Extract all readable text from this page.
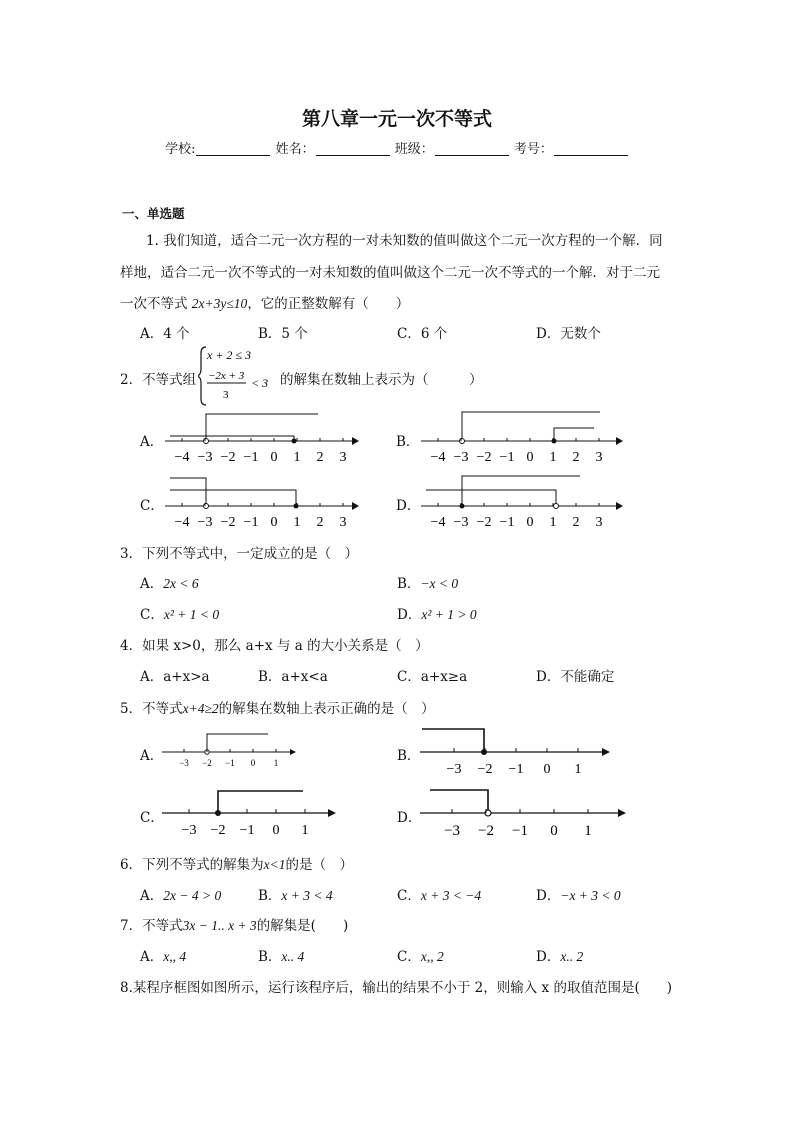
第八章一元一次不等式
学校:	姓名：	班级：	考号：
一、单选题
1. 我们知道，适合二元一次方程的一对未知数的值叫做这个二元一次方程的一个解．同
样地，适合二元一次不等式的一对未知数的值叫做这个二元一次不等式的一个解．对于二元
一次不等式 2x+3y≤10，它的正整数解有（　　）
A．4 个	B．5 个	C．6 个	D．无数个
2．不等式组
x + 2 ≤ 3
−2x + 3
3
< 3 的解集在数轴上表示为（　　　）
A．
−4 −3 −2 −1 0 1 2 3
B．
−4 −3 −2 −1 0 1 2 3
C．
−4 −3 −2 −1 0 1 2 3
D．
−4 −3 −2 −1 0 1 2 3
3．下列不等式中，一定成立的是（　）
A．2x < 6	B．−x < 0
C．x² + 1 < 0	D．x² + 1 > 0
4．如果 x>0，那么 a+x 与 a 的大小关系是（　）
A．a+x>a	B．a+x<a	C．a+x≥a	D．不能确定
5．不等式x+4≥2的解集在数轴上表示正确的是（　）
A． −3 −2 −1 0 1	B．
−3 −2 −1 0 1
C．
−3 −2 −1 0 1
D．
−3 −2 −1 0 1
6．下列不等式的解集为x<1的是（　）
A．2x − 4 > 0	B．x + 3 < 4	C．x + 3 < −4	D．−x + 3 < 0
7．不等式3x − 1.. x + 3的解集是(　　)
A．x,, 4	B．x.. 4	C．x,, 2	D．x.. 2
8.某程序框图如图所示，运行该程序后，输出的结果不小于 2，则输入 x 的取值范围是(　　)
